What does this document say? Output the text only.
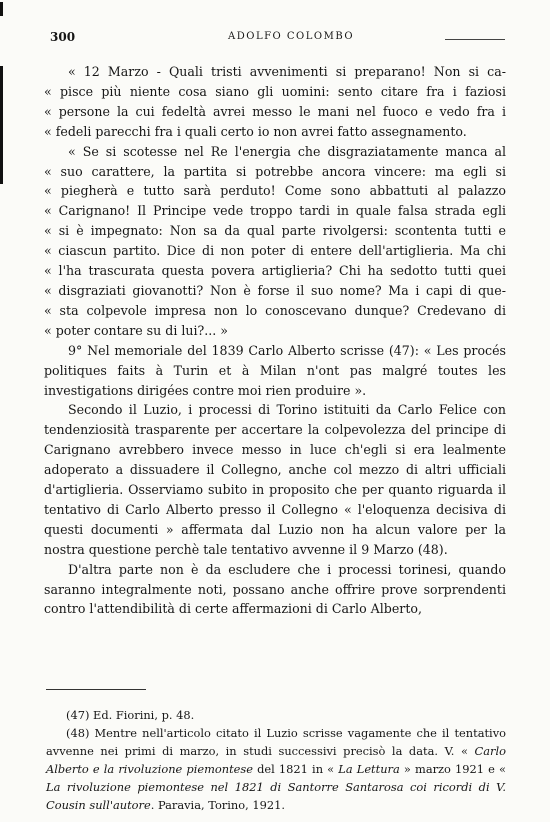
300	ADOLFO COLOMBO
« 12 Marzo - Quali tristi avvenimenti si preparano! Non si ca-
« pisce più niente cosa siano gli uomini: sento citare fra i faziosi
« persone la cui fedeltà avrei messo le mani nel fuoco e vedo fra i
« fedeli parecchi fra i quali certo io non avrei fatto assegnamento.
« Se si scotesse nel Re l'energia che disgraziatamente manca al
« suo carattere, la partita si potrebbe ancora vincere: ma egli si
« piegherà e tutto sarà perduto! Come sono abbattuti al palazzo
« Carignano! Il Principe vede troppo tardi in quale falsa strada egli
« si è impegnato: Non sa da qual parte rivolgersi: scontenta tutti e
« ciascun partito. Dice di non poter di entere dell'artiglieria. Ma chi
« l'ha trascurata questa povera artiglieria? Chi ha sedotto tutti quei
« disgraziati giovanotti? Non è forse il suo nome? Ma i capi di que-
« sta colpevole impresa non lo conoscevano dunque? Credevano di
« poter contare su di lui?... »

9° Nel memoriale del 1839 Carlo Alberto scrisse (47): « Les procés politiques faits à Turin et à Milan n'ont pas malgré toutes les investigations dirigées contre moi rien produire ».

Secondo il Luzio, i processi di Torino istituiti da Carlo Felice con tendenziosità trasparente per accertare la colpevolezza del principe di Carignano avrebbero invece messo in luce ch'egli si era lealmente adoperato a dissuadere il Collegno, anche col mezzo di altri ufficiali d'artiglieria. Osserviamo subito in proposito che per quanto riguarda il tentativo di Carlo Alberto presso il Collegno « l'eloquenza decisiva di questi documenti » affermata dal Luzio non ha alcun valore per la nostra questione perchè tale tentativo avvenne il 9 Marzo (48).

D'altra parte non è da escludere che i processi torinesi, quando saranno integralmente noti, possano anche offrire prove sorprendenti contro l'attendibilità di certe affermazioni di Carlo Alberto,

(47) Ed. Fiorini, p. 48.

(48) Mentre nell'articolo citato il Luzio scrisse vagamente che il tentativo avvenne nei primi di marzo, in studi successivi precisò la data. V. « Carlo Alberto e la rivoluzione piemontese del 1821 in « La Lettura » marzo 1921 e « La rivoluzione piemontese nel 1821 di Santorre Santarosa coi ricordi di V. Cousin sull'autore. Paravia, Torino, 1921.
